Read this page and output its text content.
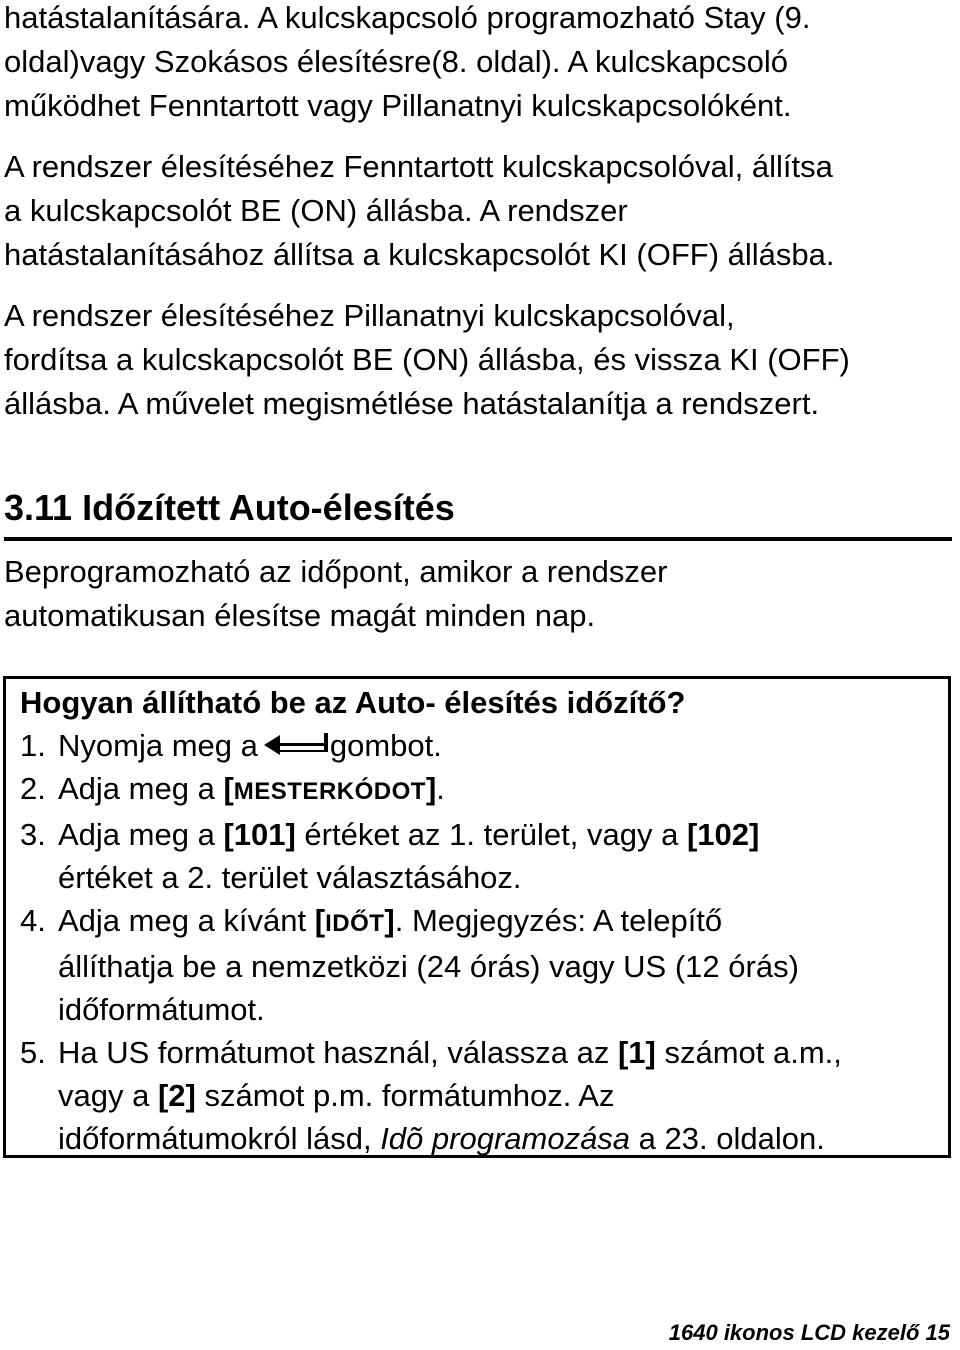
hatástalanítására. A kulcskapcsoló programozható Stay (9.
oldal)vagy Szokásos élesítésre(8. oldal). A kulcskapcsoló
működhet Fenntartott vagy Pillanatnyi kulcskapcsolóként.

A rendszer élesítéséhez Fenntartott kulcskapcsolóval, állítsa
a kulcskapcsolót BE (ON) állásba. A rendszer
hatástalanításához állítsa a kulcskapcsolót KI (OFF) állásba.

A rendszer élesítéséhez Pillanatnyi kulcskapcsolóval,
fordítsa a kulcskapcsolót BE (ON) állásba, és vissza KI (OFF)
állásba. A művelet megismétlése hatástalanítja a rendszert.

3.11 Időzített Auto-élesítés

Beprogramozható az időpont, amikor a rendszer
automatikusan élesítse magát minden nap.

Hogyan állítható be az Auto- élesítés időzítő?
1. Nyomja meg a gombot.
2. Adja meg a [MESTERKÓDOT].
3. Adja meg a [101] értéket az 1. terület, vagy a [102]
értéket a 2. terület választásához.
4. Adja meg a kívánt [IDŐT]. Megjegyzés: A telepítő
állíthatja be a nemzetközi (24 órás) vagy US (12 órás)
időformátumot.
5. Ha US formátumot használ, válassza az [1] számot a.m.,
vagy a [2] számot p.m. formátumhoz. Az
időformátumokról lásd, Idõ programozása a 23. oldalon.
1640 ikonos LCD kezelő 15
